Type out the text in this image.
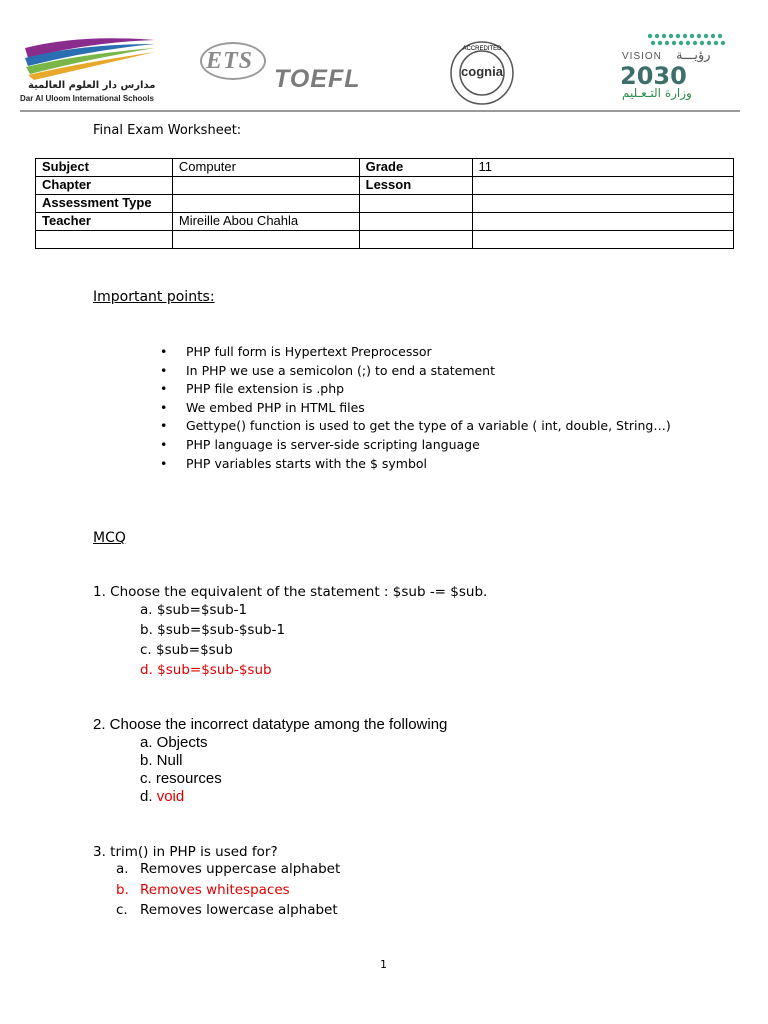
مدارس دار العلوم العالمية
Dar Al Uloom International Schools
ETS
TOEFL
ACCREDITED
cognia
VISION رؤيـــة
2030
وزارة التـعـليم
Final Exam Worksheet:
Subject	Computer	Grade	11
Chapter		Lesson	
Assessment Type			
Teacher	Mireille Abou Chahla		

Important points:
• PHP full form is Hypertext Preprocessor
• In PHP we use a semicolon (;) to end a statement
• PHP file extension is .php
• We embed PHP in HTML files
• Gettype() function is used to get the type of a variable ( int, double, String…)
• PHP language is server-side scripting language
• PHP variables starts with the $ symbol
MCQ
1. Choose the equivalent of the statement : $sub -= $sub.
a. $sub=$sub-1
b. $sub=$sub-$sub-1
c. $sub=$sub
d. $sub=$sub-$sub
2. Choose the incorrect datatype among the following
a. Objects
b. Null
c. resources
d. void
3. trim() in PHP is used for?
a. Removes uppercase alphabet
b. Removes whitespaces
c. Removes lowercase alphabet
1
